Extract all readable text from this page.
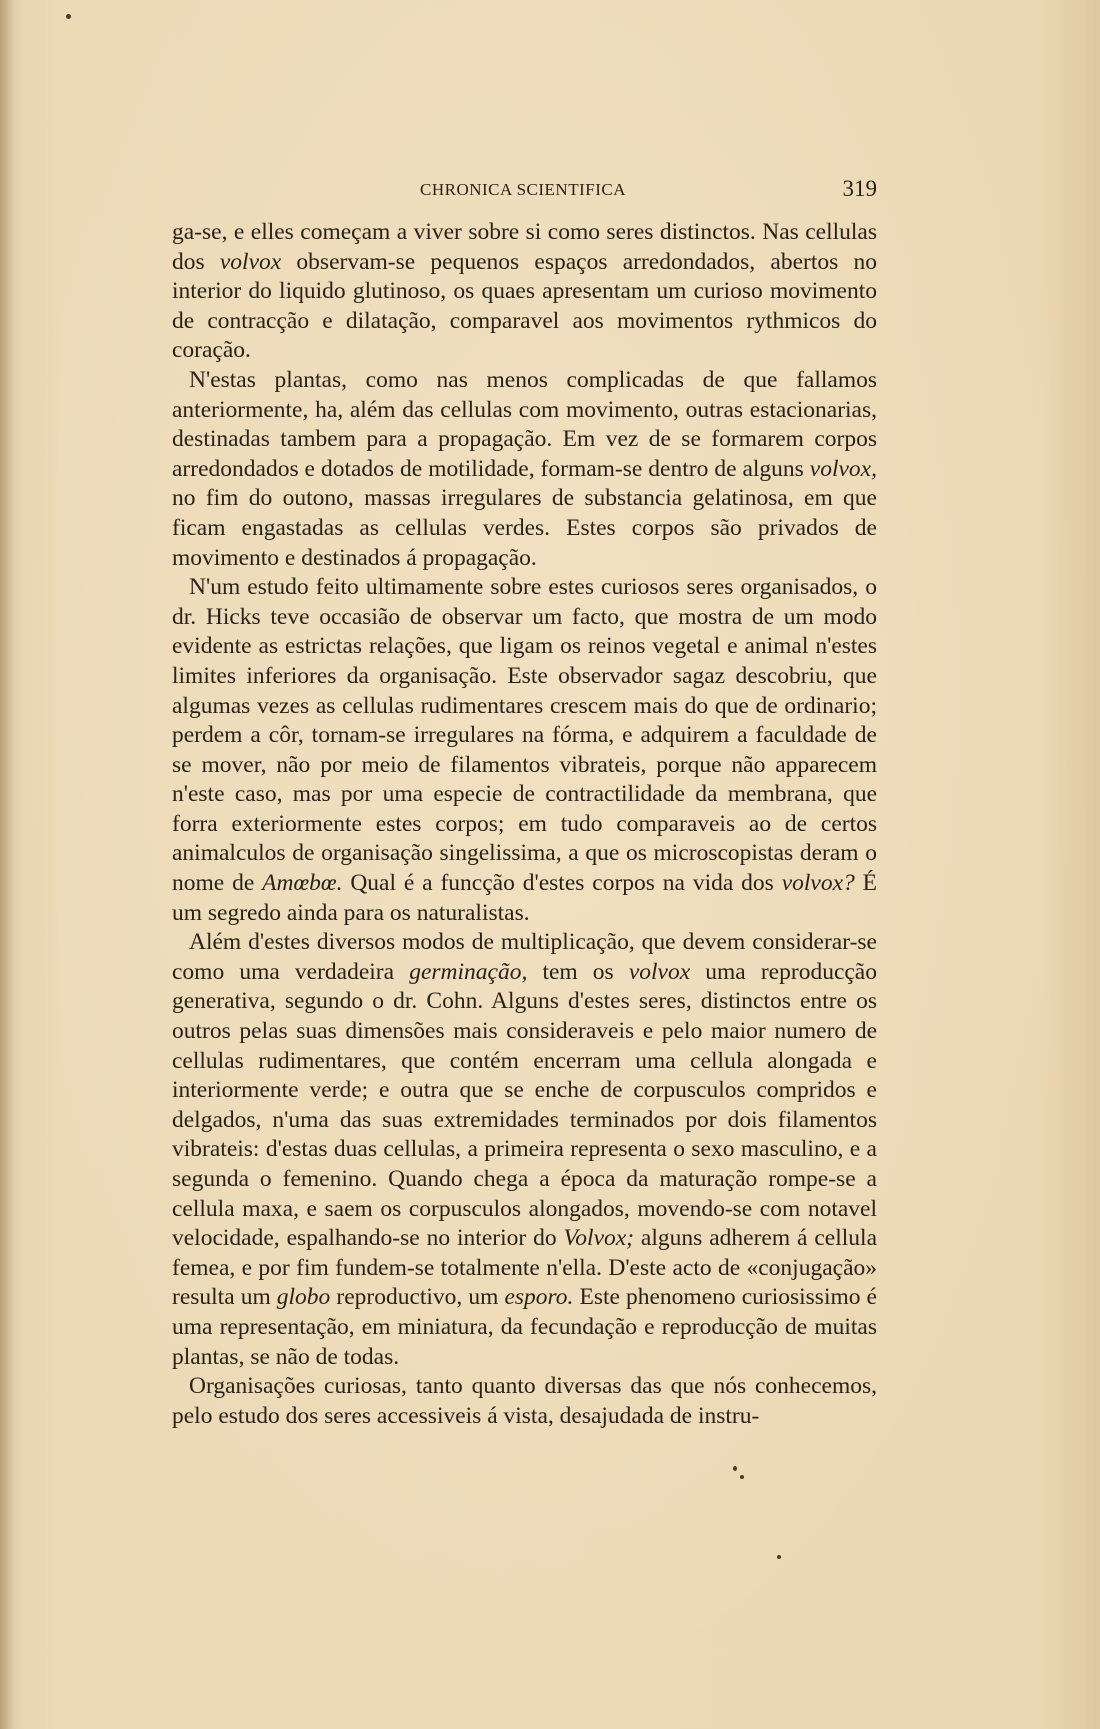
CHRONICA SCIENTIFICA	319

ga-se, e elles começam a viver sobre si como seres distinctos. Nas cellulas dos volvox observam-se pequenos espaços arredondados, abertos no interior do liquido glutinoso, os quaes apresentam um curioso movimento de contracção e dilatação, comparavel aos movimentos rythmicos do coração.

N'estas plantas, como nas menos complicadas de que fallamos anteriormente, ha, além das cellulas com movimento, outras estacionarias, destinadas tambem para a propagação. Em vez de se formarem corpos arredondados e dotados de motilidade, formam-se dentro de alguns volvox, no fim do outono, massas irregulares de substancia gelatinosa, em que ficam engastadas as cellulas verdes. Estes corpos são privados de movimento e destinados á propagação.

N'um estudo feito ultimamente sobre estes curiosos seres organisados, o dr. Hicks teve occasião de observar um facto, que mostra de um modo evidente as estrictas relações, que ligam os reinos vegetal e animal n'estes limites inferiores da organisação. Este observador sagaz descobriu, que algumas vezes as cellulas rudimentares crescem mais do que de ordinario; perdem a côr, tornam-se irregulares na fórma, e adquirem a faculdade de se mover, não por meio de filamentos vibrateis, porque não apparecem n'este caso, mas por uma especie de contractilidade da membrana, que forra exteriormente estes corpos; em tudo comparaveis ao de certos animalculos de organisação singelissima, a que os microscopistas deram o nome de Amœbœ. Qual é a funcção d'estes corpos na vida dos volvox? É um segredo ainda para os naturalistas.

Além d'estes diversos modos de multiplicação, que devem considerar-se como uma verdadeira germinação, tem os volvox uma reproducção generativa, segundo o dr. Cohn. Alguns d'estes seres, distinctos entre os outros pelas suas dimensões mais consideraveis e pelo maior numero de cellulas rudimentares, que contém encerram uma cellula alongada e interiormente verde; e outra que se enche de corpusculos compridos e delgados, n'uma das suas extremidades terminados por dois filamentos vibrateis: d'estas duas cellulas, a primeira representa o sexo masculino, e a segunda o femenino. Quando chega a época da maturação rompe-se a cellula maxa, e saem os corpusculos alongados, movendo-se com notavel velocidade, espalhando-se no interior do Volvox; alguns adherem á cellula femea, e por fim fundem-se totalmente n'ella. D'este acto de «conjugação» resulta um globo reproductivo, um esporo. Este phenomeno curiosissimo é uma representação, em miniatura, da fecundação e reproducção de muitas plantas, se não de todas.

Organisações curiosas, tanto quanto diversas das que nós conhecemos, pelo estudo dos seres accessiveis á vista, desajudada de instru-
